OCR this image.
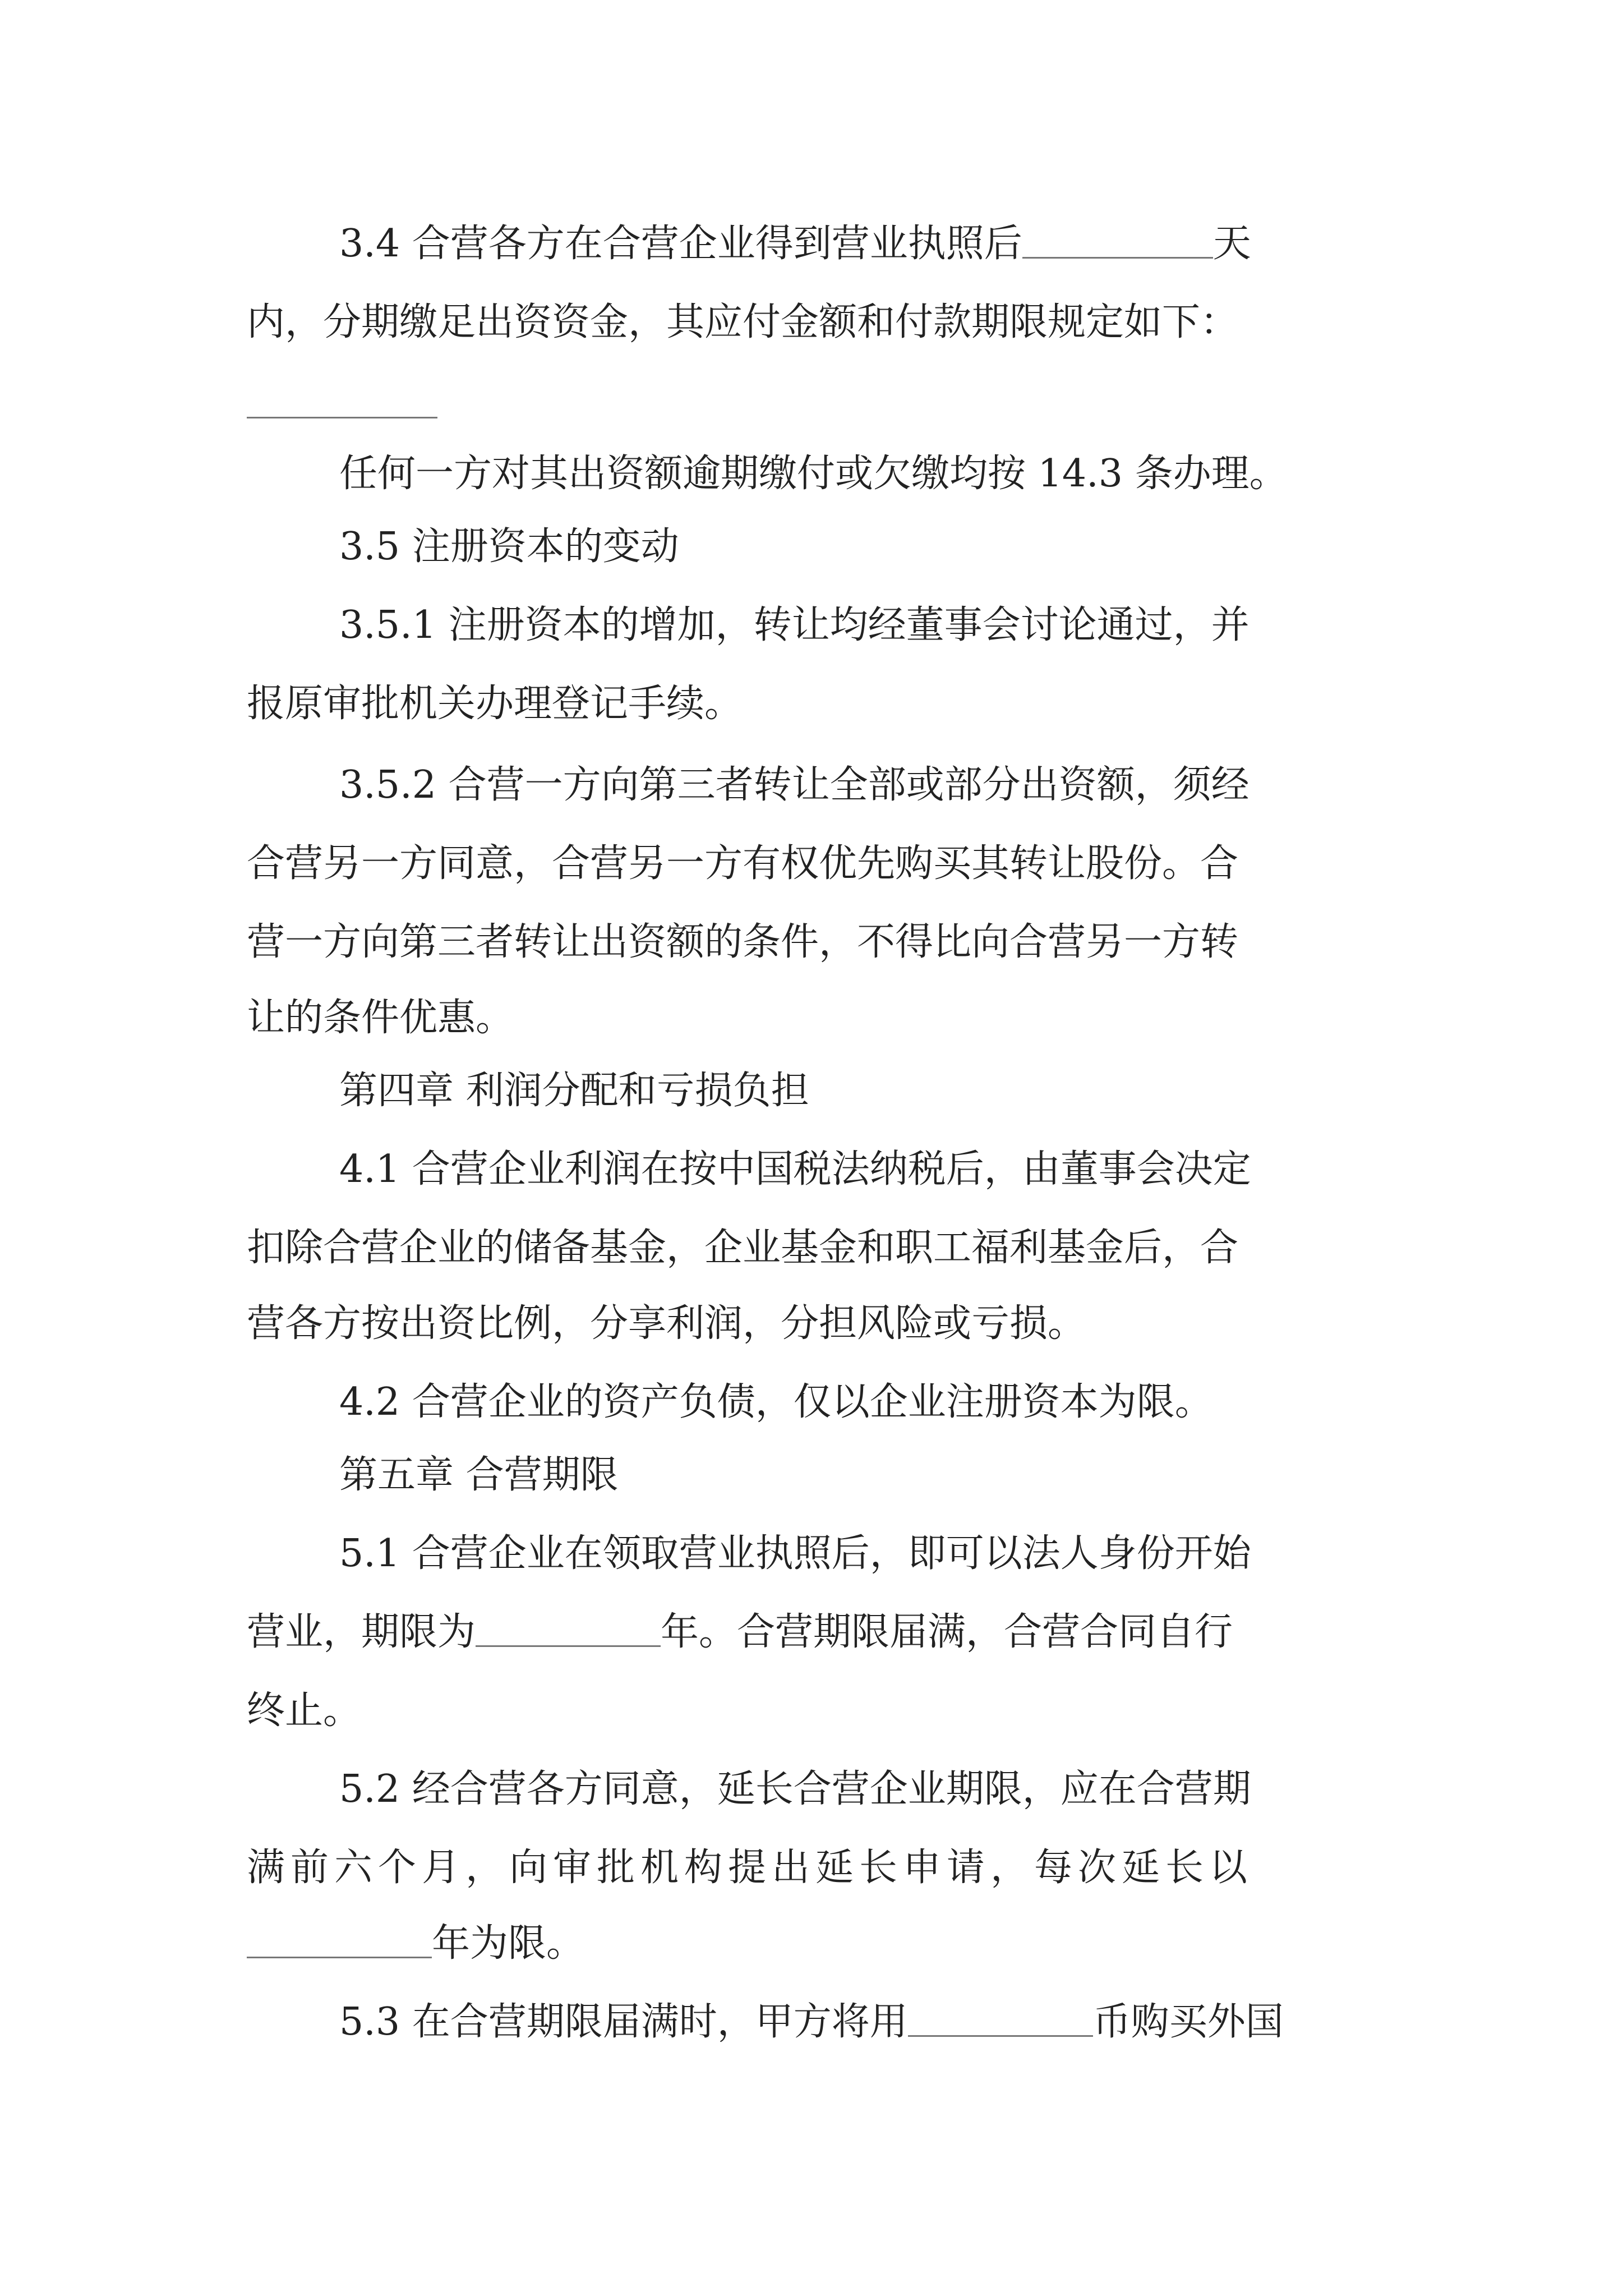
3.4 合营各方在合营企业得到营业执照后	天
内，分期缴足出资资金，其应付金额和付款期限规定如下：
任何一方对其出资额逾期缴付或欠缴均按 14.3 条办理。
3.5 注册资本的变动
3.5.1 注册资本的增加，转让均经董事会讨论通过，并
报原审批机关办理登记手续。
3.5.2 合营一方向第三者转让全部或部分出资额，须经
合营另一方同意，合营另一方有权优先购买其转让股份。合
营一方向第三者转让出资额的条件，不得比向合营另一方转
让的条件优惠。
第四章 利润分配和亏损负担
4.1 合营企业利润在按中国税法纳税后，由董事会决定
扣除合营企业的储备基金，企业基金和职工福利基金后，合
营各方按出资比例，分享利润，分担风险或亏损。
4.2 合营企业的资产负债，仅以企业注册资本为限。
第五章 合营期限
5.1 合营企业在领取营业执照后，即可以法人身份开始
营业，期限为	年。合营期限届满，合营合同自行
终止。
5.2 经合营各方同意，延长合营企业期限，应在合营期
满前六个月，向审批机构提出延长申请，每次延长以
年为限。
5.3 在合营期限届满时，甲方将用	币购买外国
